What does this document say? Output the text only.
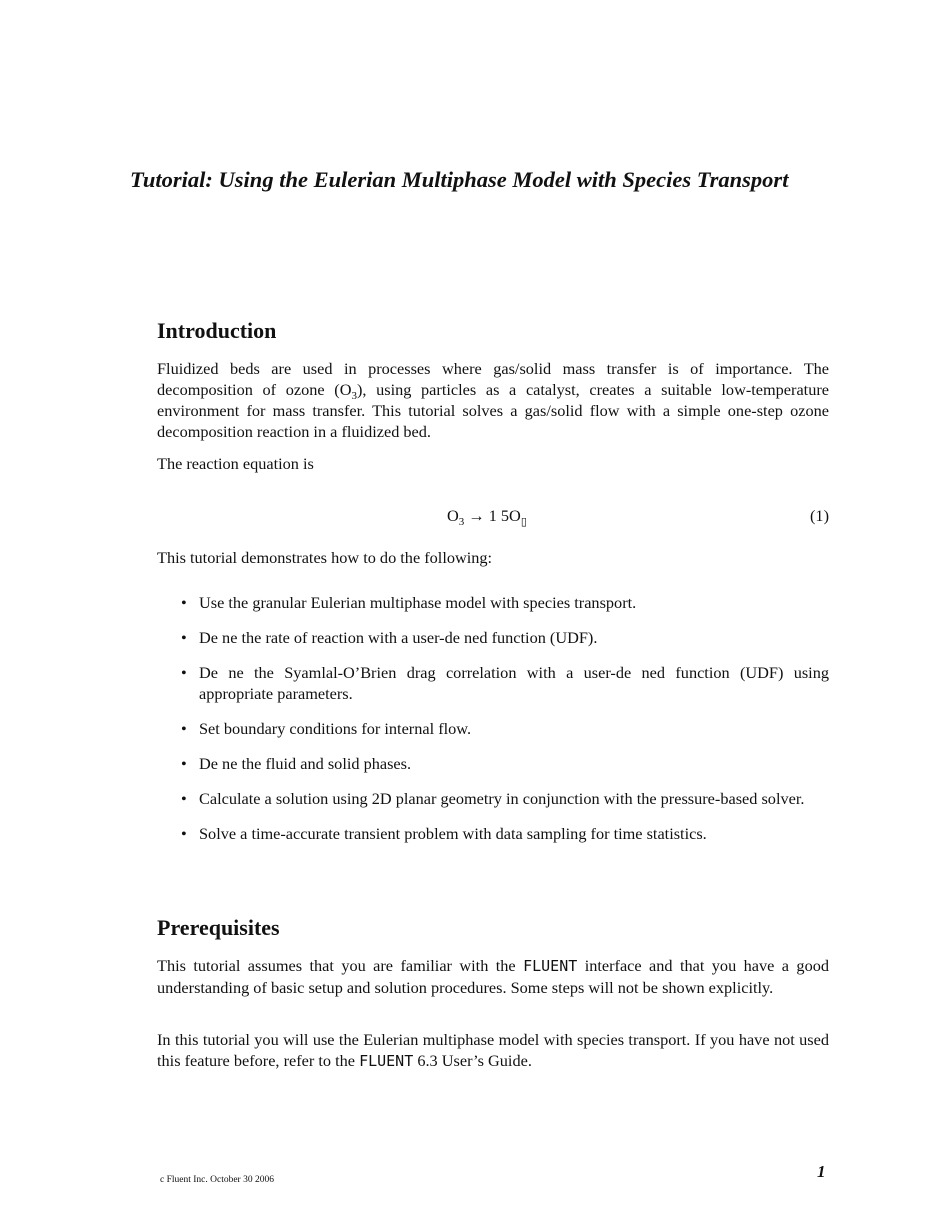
Tutorial: Using the Eulerian Multiphase Model with Species Transport
Introduction

Fluidized beds are used in processes where gas/solid mass transfer is of importance. The decomposition of ozone $(O_3)$, using particles as a catalyst, creates a suitable low-temperature environment for mass transfer. This tutorial solves a gas/solid flow with a simple one-step ozone decomposition reaction in a fluidized bed.

The reaction equation is

$O_3 \to 1$ $5O_▯$	(1)

This tutorial demonstrates how to do the following:

• Use the granular Eulerian multiphase model with species transport.
• De ne the rate of reaction with a user-de ned function (UDF).
• De ne the Syamlal-O’Brien drag correlation with a user-de ned function (UDF) using appropriate parameters.
• Set boundary conditions for internal flow.
• De ne the fluid and solid phases.
• Calculate a solution using 2D planar geometry in conjunction with the pressure-based solver.
• Solve a time-accurate transient problem with data sampling for time statistics.
Prerequisites

This tutorial assumes that you are familiar with the FLUENT interface and that you have a good understanding of basic setup and solution procedures. Some steps will not be shown explicitly.

In this tutorial you will use the Eulerian multiphase model with species transport. If you have not used this feature before, refer to the FLUENT 6.3 User’s Guide.

c Fluent Inc. October 30 2006	1
